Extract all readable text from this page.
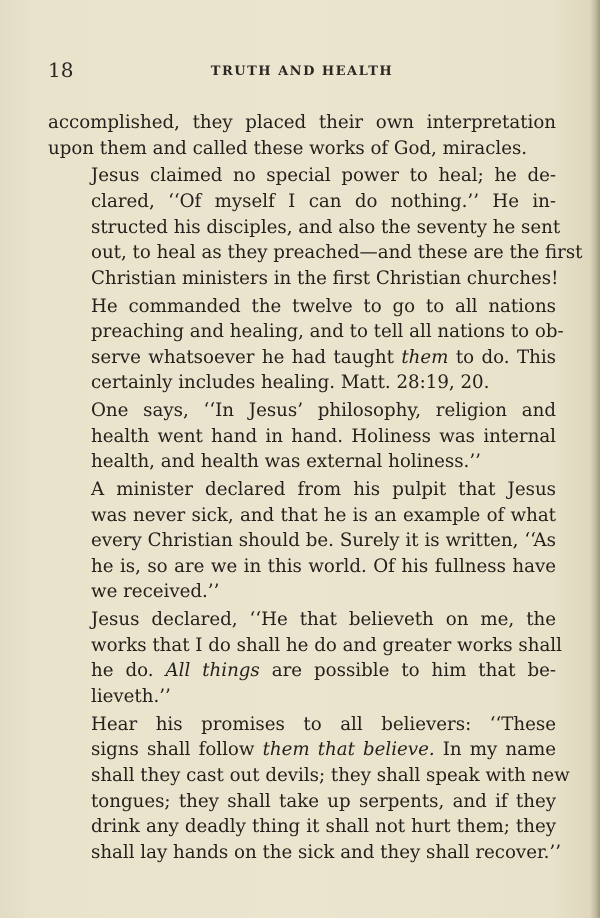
18	TRUTH AND HEALTH

accomplished, they placed their own interpretation
upon them and called these works of God, miracles.

Jesus claimed no special power to heal; he de-
clared, ‘‘Of myself I can do nothing.’’ He in-
structed his disciples, and also the seventy he sent
out, to heal as they preached—and these are the first
Christian ministers in the first Christian churches!

He commanded the twelve to go to all nations
preaching and healing, and to tell all nations to ob-
serve whatsoever he had taught them to do. This
certainly includes healing. Matt. 28:19, 20.

One says, ‘‘In Jesus’ philosophy, religion and
health went hand in hand. Holiness was internal
health, and health was external holiness.’’

A minister declared from his pulpit that Jesus
was never sick, and that he is an example of what
every Christian should be. Surely it is written, ‘‘As
he is, so are we in this world. Of his fullness have
we received.’’

Jesus declared, ‘‘He that believeth on me, the
works that I do shall he do and greater works shall
he do. All things are possible to him that be-
lieveth.’’

Hear his promises to all believers: ‘‘These
signs shall follow them that believe. In my name
shall they cast out devils; they shall speak with new
tongues; they shall take up serpents, and if they
drink any deadly thing it shall not hurt them; they
shall lay hands on the sick and they shall recover.’’
